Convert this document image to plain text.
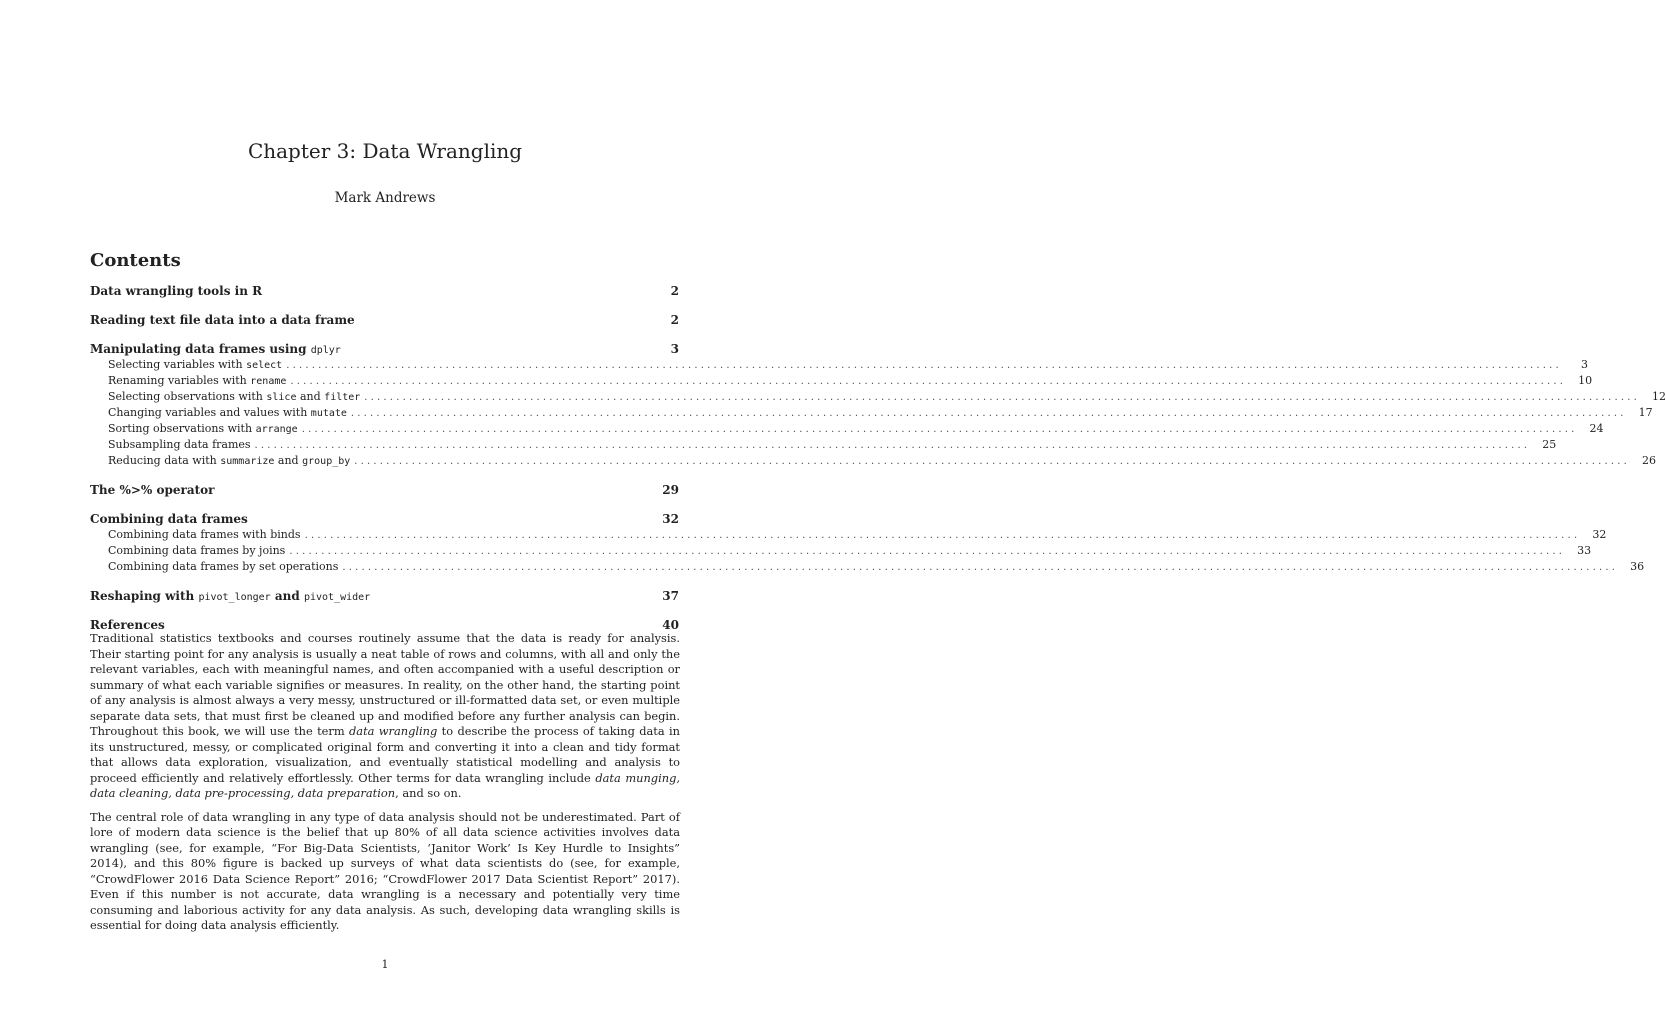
Chapter 3: Data Wrangling
Mark Andrews
Contents
Data wrangling tools in R	2
Reading text file data into a data frame	2
Manipulating data frames using dplyr	3
Selecting variables with select ........................................................................................................................................................................................................	3
Renaming variables with rename ........................................................................................................................................................................................................	10
Selecting observations with slice and filter ........................................................................................................................................................................................................	12
Changing variables and values with mutate ........................................................................................................................................................................................................	17
Sorting observations with arrange ........................................................................................................................................................................................................	24
Subsampling data frames ........................................................................................................................................................................................................	25
Reducing data with summarize and group_by ........................................................................................................................................................................................................	26
The %>% operator	29
Combining data frames	32
Combining data frames with binds ........................................................................................................................................................................................................	32
Combining data frames by joins ........................................................................................................................................................................................................	33
Combining data frames by set operations ........................................................................................................................................................................................................	36
Reshaping with pivot_longer and pivot_wider	37
References	40

Traditional statistics textbooks and courses routinely assume that the data is ready for analysis. Their starting point for any analysis is usually a neat table of rows and columns, with all and only the relevant variables, each with meaningful names, and often accompanied with a useful description or summary of what each variable signifies or measures. In reality, on the other hand, the starting point of any analysis is almost always a very messy, unstructured or ill-formatted data set, or even multiple separate data sets, that must first be cleaned up and modified before any further analysis can begin. Throughout this book, we will use the term data wrangling to describe the process of taking data in its unstructured, messy, or complicated original form and converting it into a clean and tidy format that allows data exploration, visualization, and eventually statistical modelling and analysis to proceed efficiently and relatively effortlessly. Other terms for data wrangling include data munging, data cleaning, data pre-processing, data preparation, and so on.

The central role of data wrangling in any type of data analysis should not be underestimated. Part of lore of modern data science is the belief that up 80% of all data science activities involves data wrangling (see, for example, “For Big-Data Scientists, ‘Janitor Work’ Is Key Hurdle to Insights” 2014), and this 80% figure is backed up surveys of what data scientists do (see, for example, “CrowdFlower 2016 Data Science Report” 2016; “CrowdFlower 2017 Data Scientist Report” 2017). Even if this number is not accurate, data wrangling is a necessary and potentially very time consuming and laborious activity for any data analysis. As such, developing data wrangling skills is essential for doing data analysis efficiently.

1
